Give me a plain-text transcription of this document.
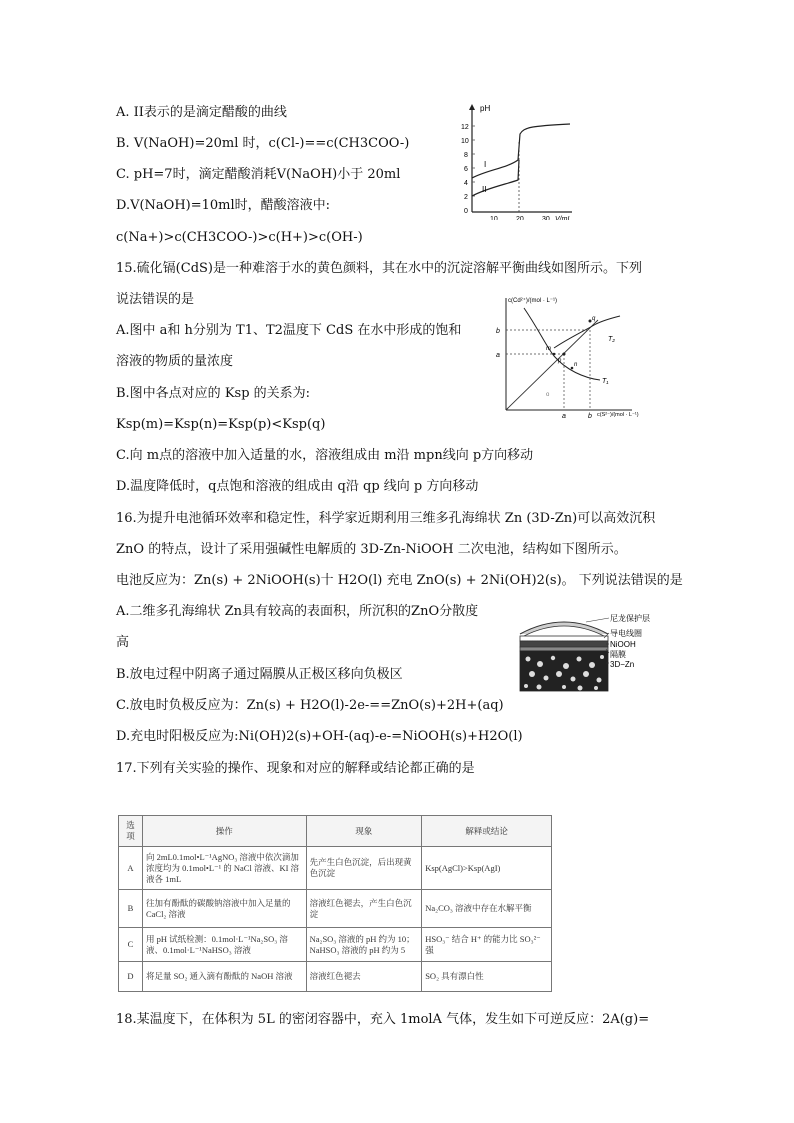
A. II表示的是滴定醋酸的曲线
B. V(NaOH)=20ml 时，c(Cl-)==c(CH3COO-)
C. pH=7时，滴定醋酸消耗V(NaOH)小于 20ml
D.V(NaOH)=10ml时，醋酸溶液中:
c(Na+)>c(CH3COO-)>c(H+)>c(OH-)
pH
12
10
8
6
4
2
0
10	20	30 V/mL
I
II
15.硫化镉(CdS)是一种难溶于水的黄色颜料，其在水中的沉淀溶解平衡曲线如图所示。下列
说法错误的是
A.图中 a和 h分别为 T1、T2温度下 CdS 在水中形成的饱和
溶液的物质的量浓度
B.图中各点对应的 Ksp 的关系为:
Ksp(m)=Ksp(n)=Ksp(p)<Ksp(q)
C.向 m点的溶液中加入适量的水，溶液组成由 m沿 mpn线向 p方向移动
D.温度降低时，q点饱和溶液的组成由 q沿 qp 线向 p 方向移动
c(Cd²⁺)/(mol · L⁻¹)
c(S²⁻)/(mol · L⁻¹)
b
a
a	b
q
p
m
n
T₁
T₂
o
16.为提升电池循环效率和稳定性，科学家近期利用三维多孔海绵状 Zn (3D-Zn)可以高效沉积
ZnO 的特点，设计了采用强碱性电解质的 3D-Zn-NiOOH 二次电池，结构如下图所示。
电池反应为：Zn(s) + 2NiOOH(s)十 H2O(l) 充电 ZnO(s) + 2Ni(OH)2(s)。 下列说法错误的是
A.二维多孔海绵状 Zn具有较高的表面积，所沉积的ZnO分散度
高
B.放电过程中阴离子通过隔膜从正极区移向负极区
C.放电时负极反应为：Zn(s) + H2O(l)-2e-==ZnO(s)+2H+(aq)
D.充电时阳极反应为:Ni(OH)2(s)+OH-(aq)-e-=NiOOH(s)+H2O(l)
尼龙保护层
导电线圈
NiOOH
隔膜
3D−Zn
17.下列有关实验的操作、现象和对应的解释或结论都正确的是
选项	操作	现象	解释或结论
A	向 2mL0.1mol•L⁻¹AgNO₃ 溶液中依次滴加浓度均为 0.1mol•L⁻¹ 的 NaCl 溶液、KI 溶液各 1mL	先产生白色沉淀，后出现黄色沉淀	Ksp(AgCl)>Ksp(AgI)
B	往加有酚酞的碳酸钠溶液中加入足量的 CaCl₂ 溶液	溶液红色褪去，产生白色沉淀	Na₂CO₃ 溶液中存在水解平衡
C	用 pH 试纸检测：0.1mol·L⁻¹Na₂SO₃ 溶液、0.1mol·L⁻¹NaHSO₃ 溶液	Na₂SO₃ 溶液的 pH 约为 10；NaHSO₃ 溶液的 pH 约为 5	HSO₃⁻ 结合 H⁺ 的能力比 SO₃²⁻ 强
D	将足量 SO₂ 通入滴有酚酞的 NaOH 溶液	溶液红色褪去	SO₂ 具有漂白性
18.某温度下，在体积为 5L 的密闭容器中，充入 1molA 气体，发生如下可逆反应：2A(g)=
